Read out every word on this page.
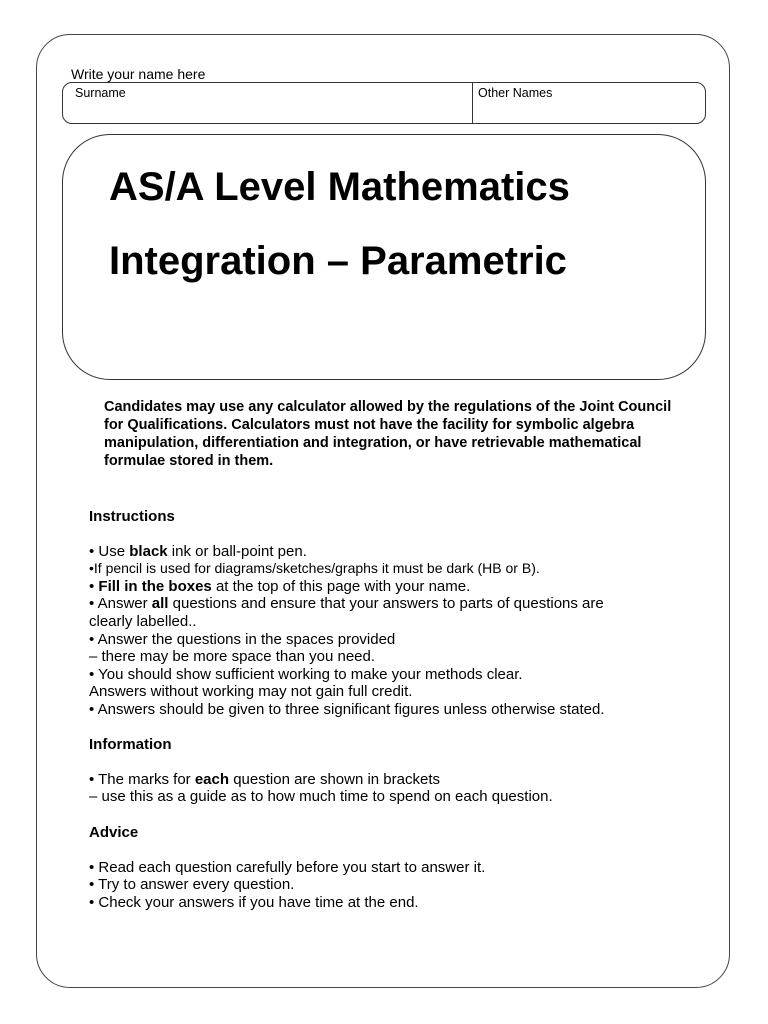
Write your name here
Surname	Other Names
AS/A Level Mathematics
Integration – Parametric
Candidates may use any calculator allowed by the regulations of the Joint Council for Qualifications. Calculators must not have the facility for symbolic algebra manipulation, differentiation and integration, or have retrievable mathematical formulae stored in them.
Instructions
• Use black ink or ball-point pen.
•If pencil is used for diagrams/sketches/graphs it must be dark (HB or B).
• Fill in the boxes at the top of this page with your name.
• Answer all questions and ensure that your answers to parts of questions are
clearly labelled..
• Answer the questions in the spaces provided
– there may be more space than you need.
• You should show sufficient working to make your methods clear.
Answers without working may not gain full credit.
• Answers should be given to three significant figures unless otherwise stated.
Information
• The marks for each question are shown in brackets
– use this as a guide as to how much time to spend on each question.
Advice
• Read each question carefully before you start to answer it.
• Try to answer every question.
• Check your answers if you have time at the end.
